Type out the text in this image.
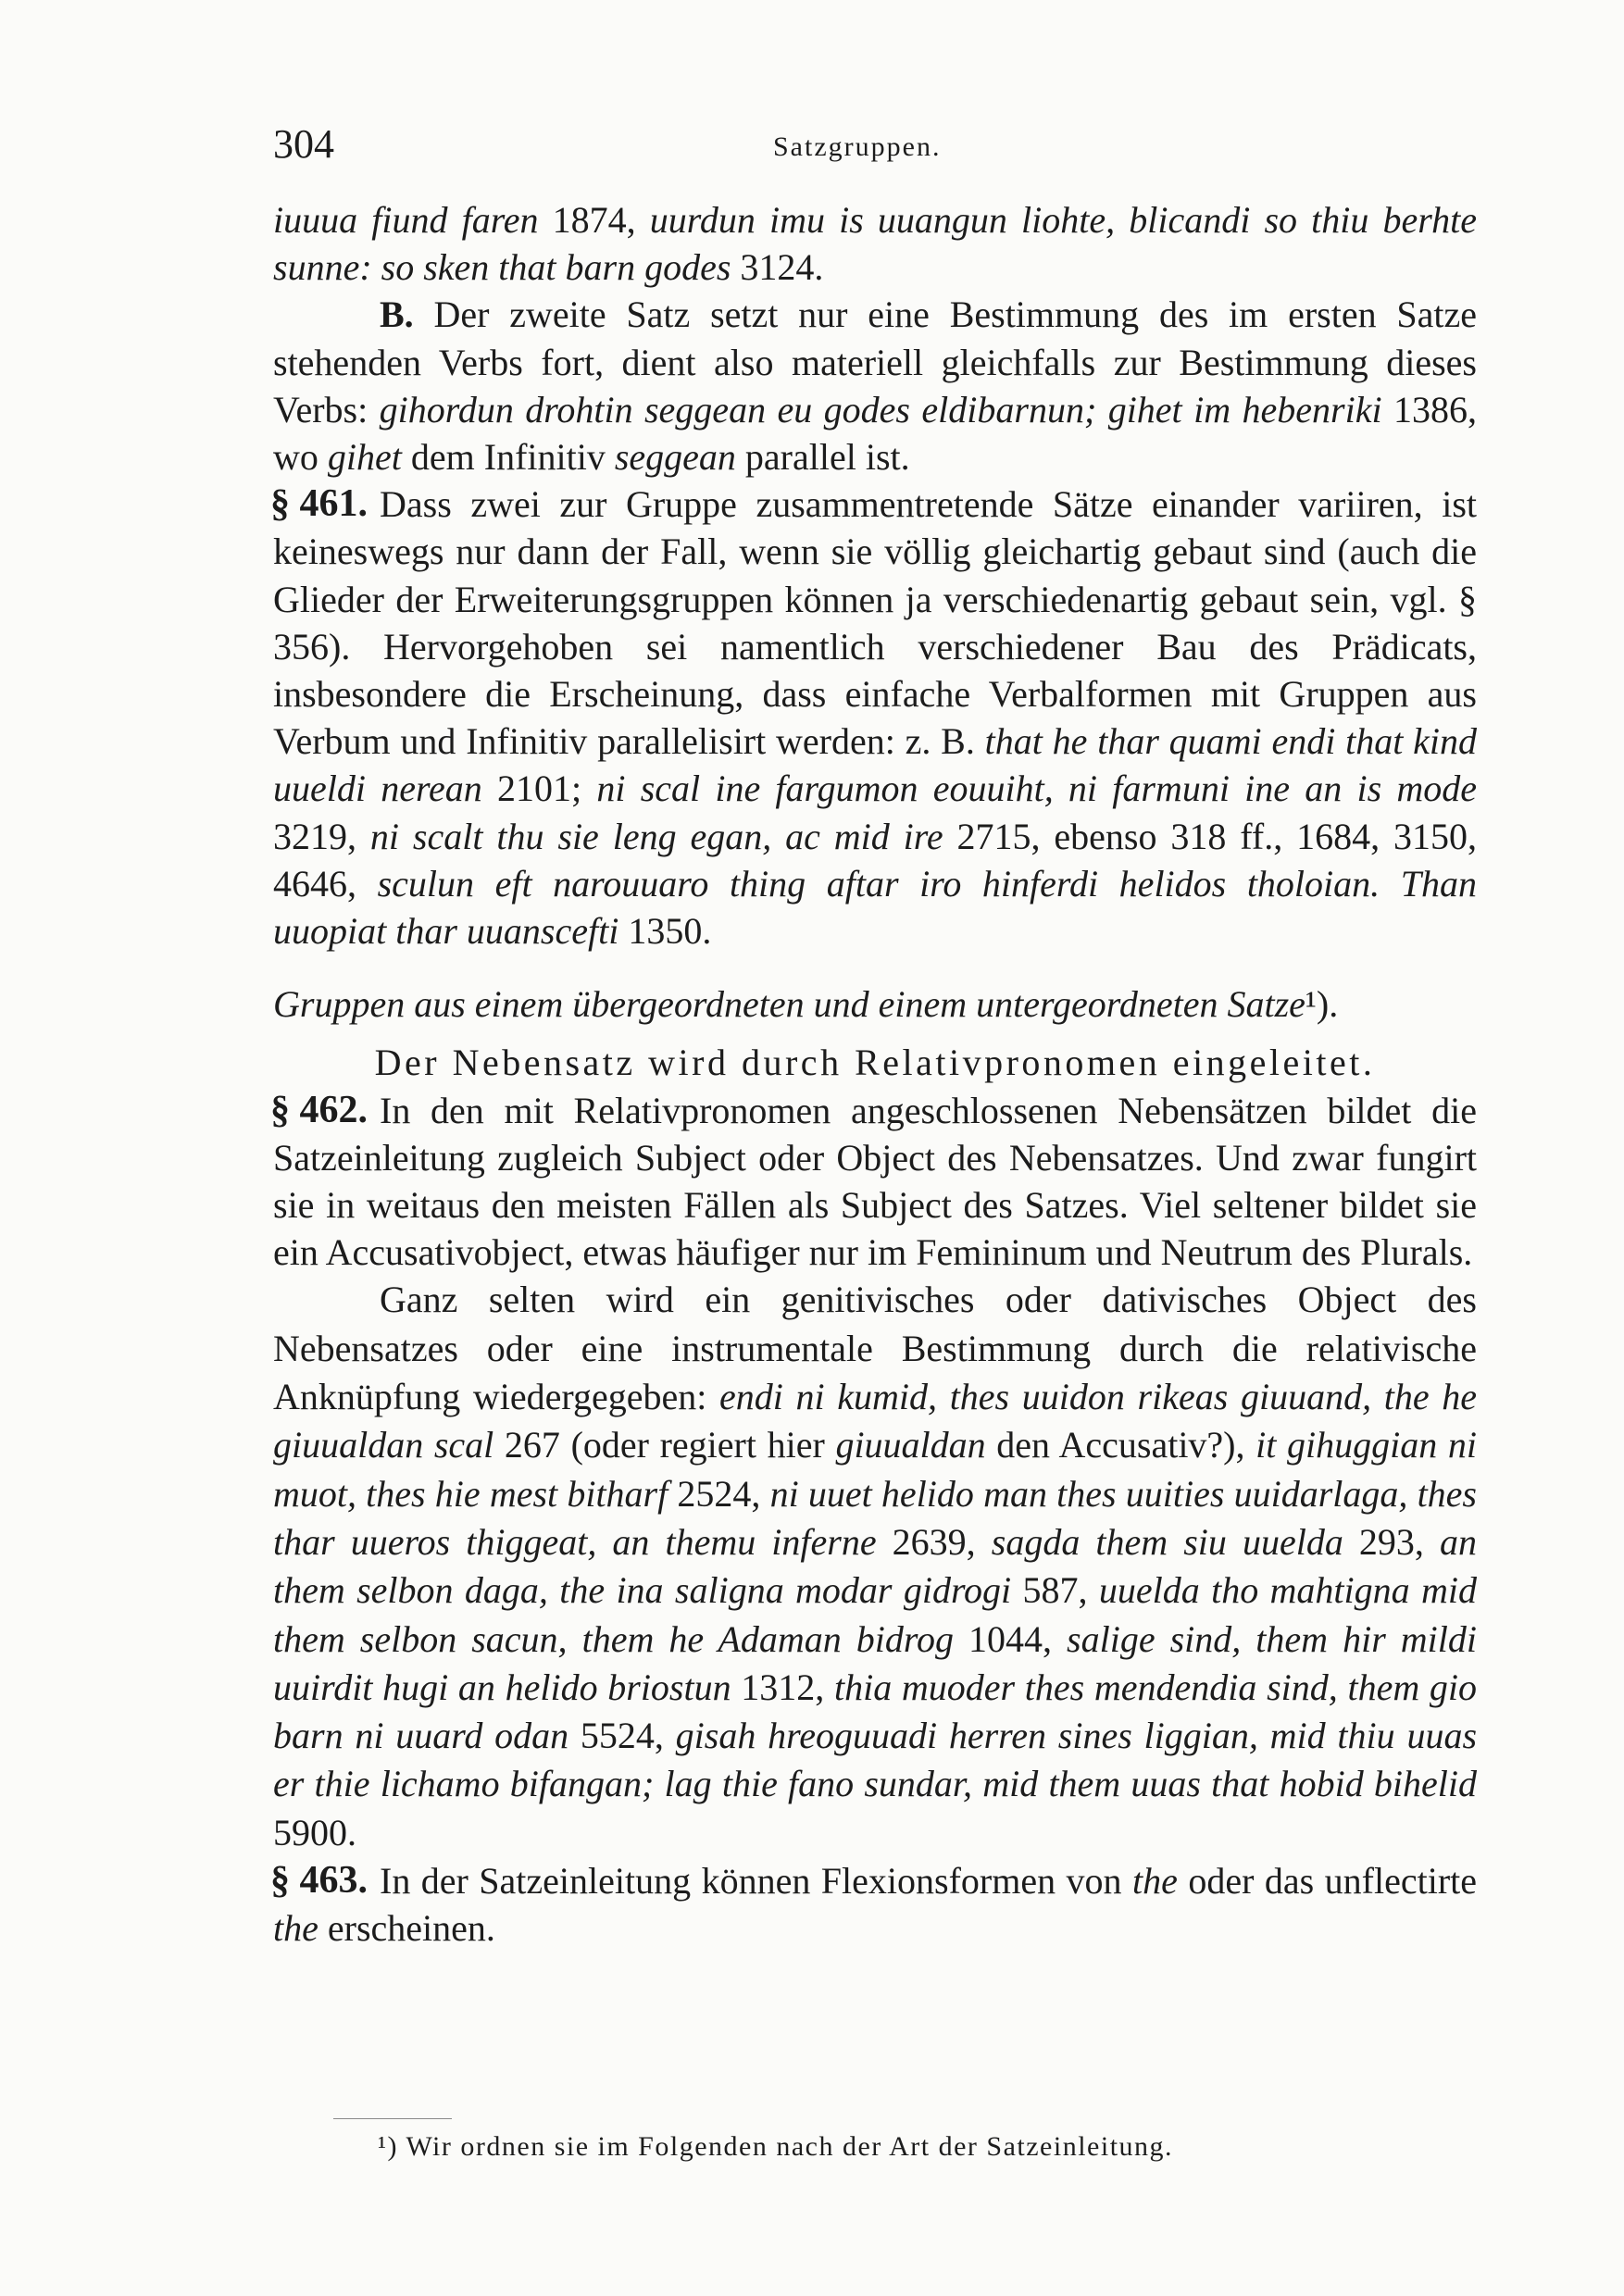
304	Satzgruppen.

iuuua fiund faren 1874, uurdun imu is uuangun liohte, blicandi so thiu berhte sunne: so sken that barn godes 3124.

B. Der zweite Satz setzt nur eine Bestimmung des im ersten Satze stehenden Verbs fort, dient also materiell gleichfalls zur Bestimmung dieses Verbs: gihordun drohtin seggean eu godes eldibarnun; gihet im hebenriki 1386, wo gihet dem Infinitiv seggean parallel ist.

§ 461. Dass zwei zur Gruppe zusammentretende Sätze einander variiren, ist keineswegs nur dann der Fall, wenn sie völlig gleichartig gebaut sind (auch die Glieder der Erweiterungsgruppen können ja verschiedenartig gebaut sein, vgl. § 356). Hervorgehoben sei namentlich verschiedener Bau des Prädicats, insbesondere die Erscheinung, dass einfache Verbalformen mit Gruppen aus Verbum und Infinitiv parallelisirt werden: z. B. that he thar quami endi that kind uueldi nerean 2101; ni scal ine fargumon eouuiht, ni farmuni ine an is mode 3219, ni scalt thu sie leng egan, ac mid ire 2715, ebenso 318 ff., 1684, 3150, 4646, sculun eft narouuaro thing aftar iro hinferdi helidos tholoian. Than uuopiat thar uuanscefti 1350.

Gruppen aus einem übergeordneten und einem untergeordneten Satze¹).

Der Nebensatz wird durch Relativpronomen eingeleitet.

§ 462. In den mit Relativpronomen angeschlossenen Nebensätzen bildet die Satzeinleitung zugleich Subject oder Object des Nebensatzes. Und zwar fungirt sie in weitaus den meisten Fällen als Subject des Satzes. Viel seltener bildet sie ein Accusativobject, etwas häufiger nur im Femininum und Neutrum des Plurals.

Ganz selten wird ein genitivisches oder dativisches Object des Nebensatzes oder eine instrumentale Bestimmung durch die relativische Anknüpfung wiedergegeben: endi ni kumid, thes uuidon rikeas giuuand, the he giuualdan scal 267 (oder regiert hier giuualdan den Accusativ?), it gihuggian ni muot, thes hie mest bitharf 2524, ni uuet helido man thes uuities uuidarlaga, thes thar uueros thiggeat, an themu inferne 2639, sagda them siu uuelda 293, an them selbon daga, the ina saligna modar gidrogi 587, uuelda tho mahtigna mid them selbon sacun, them he Adaman bidrog 1044, salige sind, them hir mildi uuirdit hugi an helido briostun 1312, thia muoder thes mendendia sind, them gio barn ni uuard odan 5524, gisah hreoguuadi herren sines liggian, mid thiu uuas er thie lichamo bifangan; lag thie fano sundar, mid them uuas that hobid bihelid 5900.

§ 463. In der Satzeinleitung können Flexionsformen von the oder das unflectirte the erscheinen.

¹) Wir ordnen sie im Folgenden nach der Art der Satzeinleitung.
